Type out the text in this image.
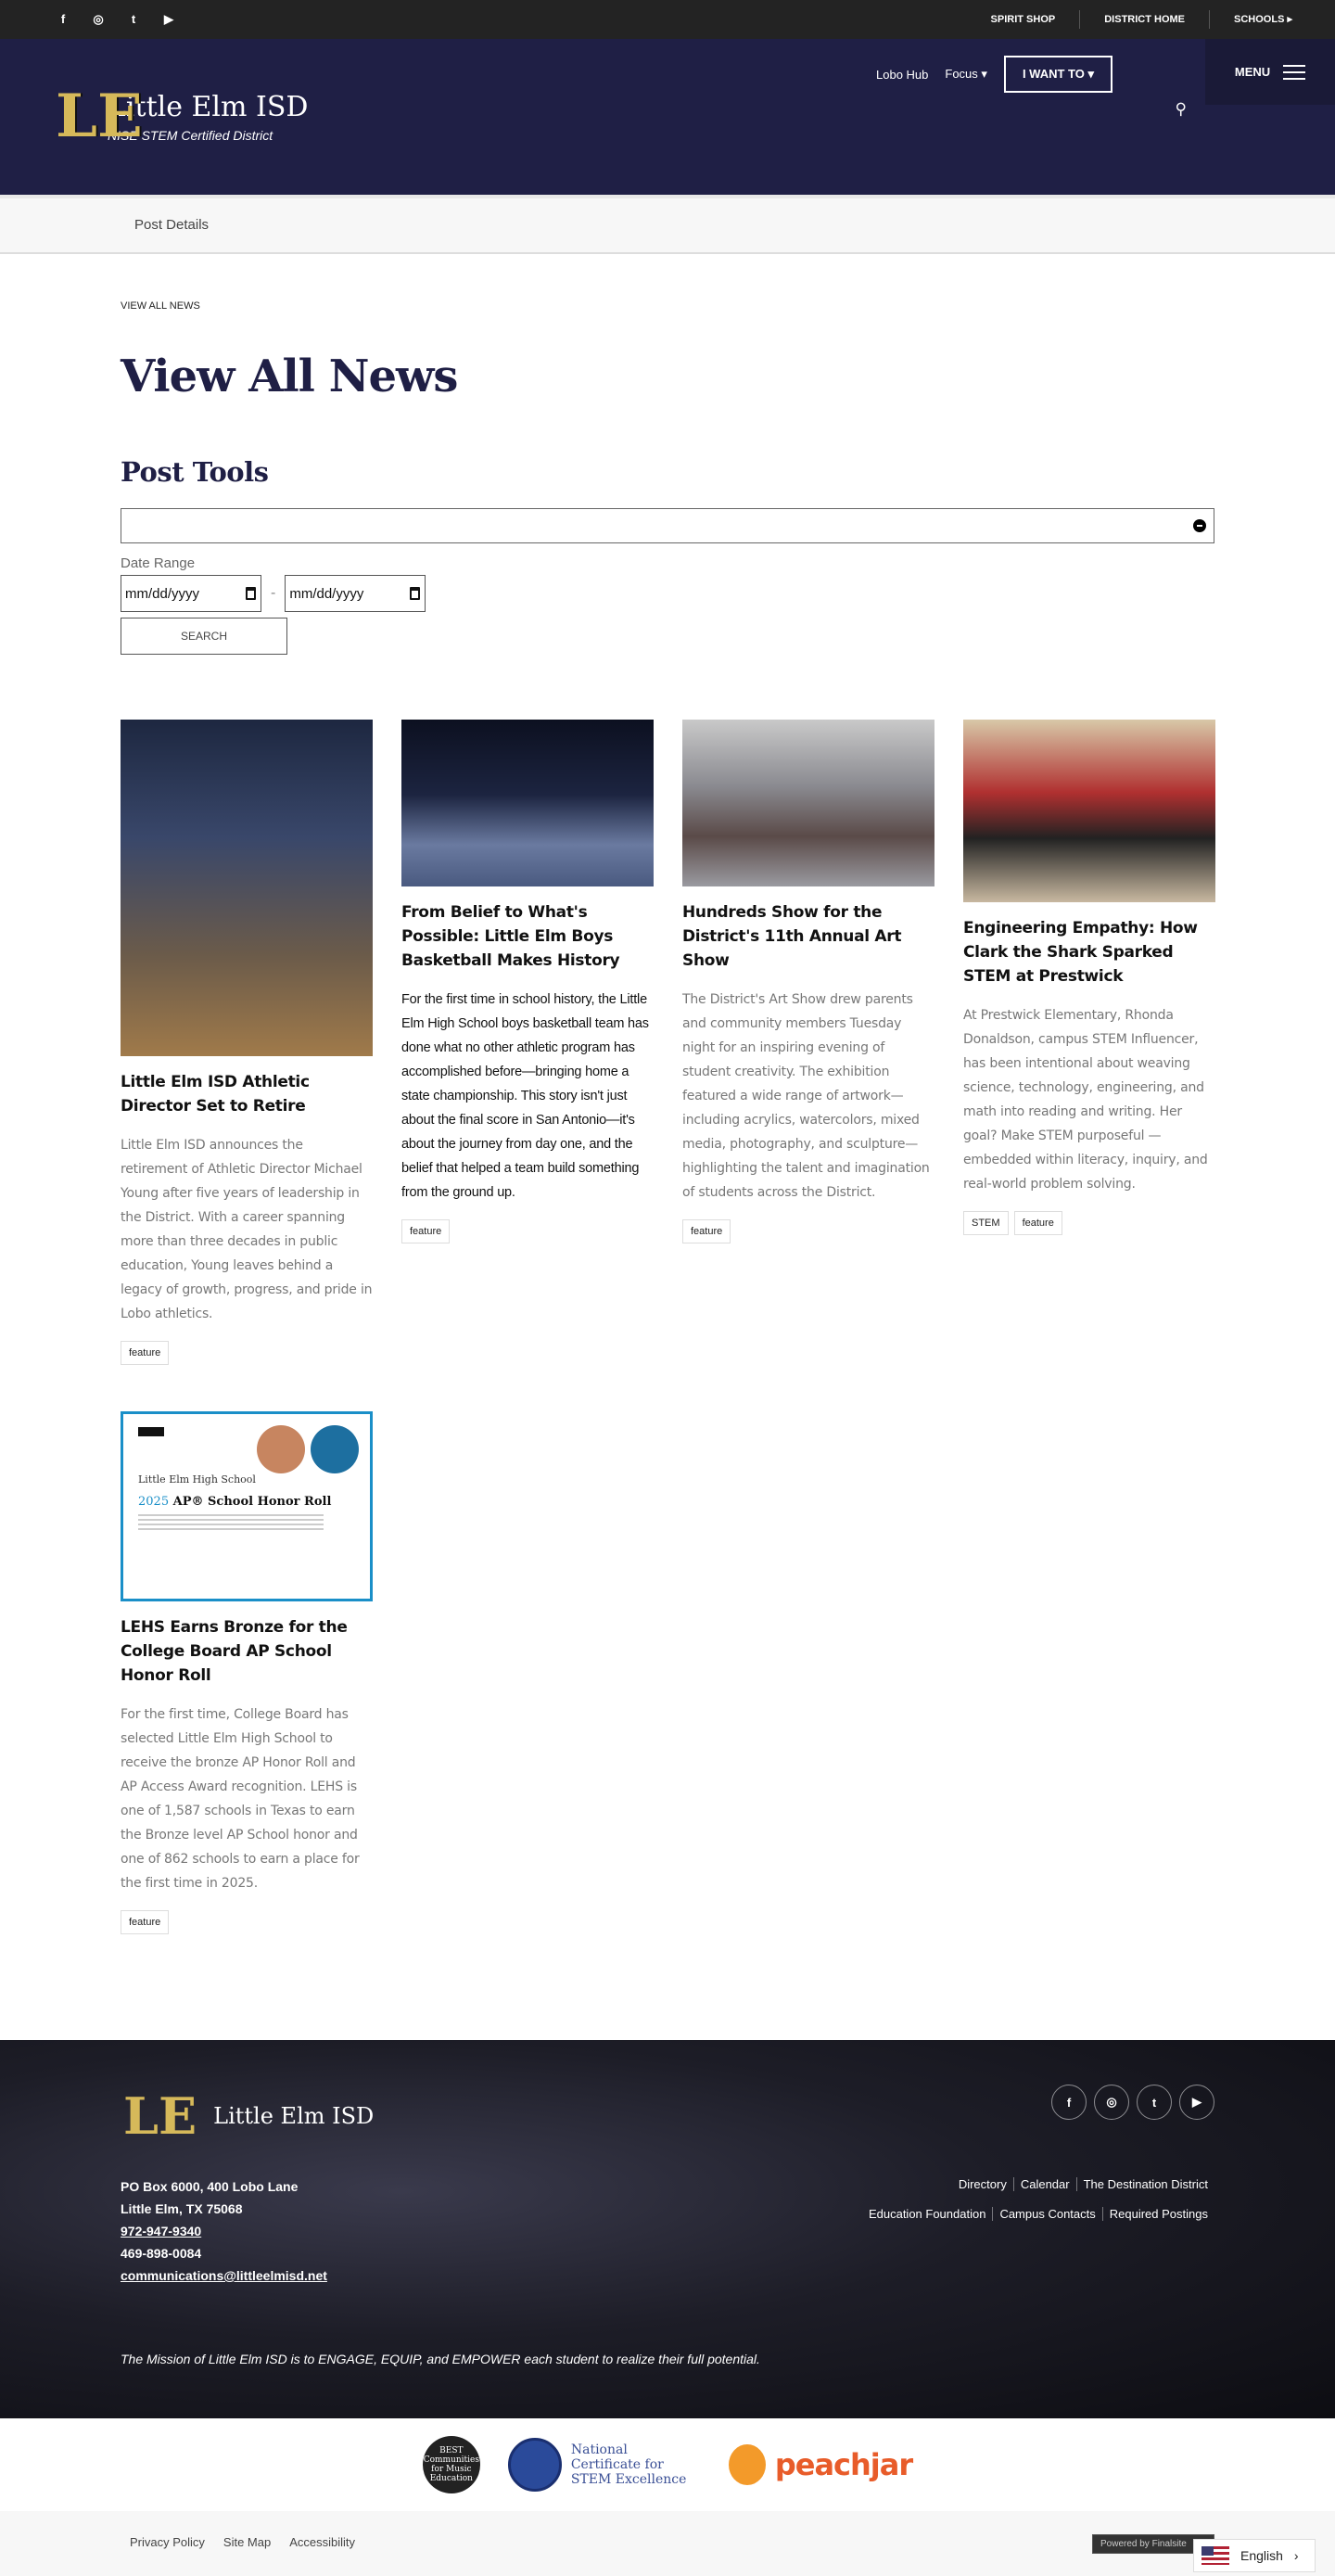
f	◎	t	▶	SPIRIT SHOP	DISTRICT HOME	SCHOOLS ▸
LE
Little Elm ISD
NISE STEM Certified District
Lobo Hub Focus ▾	I WANT TO ▾
⚲
MENU
Post Details
VIEW ALL NEWS
View All News
Post Tools
Date Range
mm/dd/yyyy	- mm/dd/yyyy
SEARCH
Little Elm ISD Athletic Director Set to Retire

Little Elm ISD announces the retirement of Athletic Director Michael Young after five years of leadership in the District. With a career spanning more than three decades in public education, Young leaves behind a legacy of growth, progress, and pride in Lobo athletics.

feature
From Belief to What's Possible: Little Elm Boys Basketball Makes History

For the first time in school history, the Little Elm High School boys basketball team has done what no other athletic program has accomplished before—bringing home a state championship. This story isn't just about the final score in San Antonio—it's about the journey from day one, and the belief that helped a team build something from the ground up.

feature
Hundreds Show for the District's 11th Annual Art Show

The District's Art Show drew parents and community members Tuesday night for an inspiring evening of student creativity. The exhibition featured a wide range of artwork—including acrylics, watercolors, mixed media, photography, and sculpture—highlighting the talent and imagination of students across the District.

feature
Engineering Empathy: How Clark the Shark Sparked STEM at Prestwick

At Prestwick Elementary, Rhonda Donaldson, campus STEM Influencer, has been intentional about weaving science, technology, engineering, and math into reading and writing. Her goal? Make STEM purposeful — embedded within literacy, inquiry, and real-world problem solving.

STEM	feature
Little Elm High School
2025 AP® School Honor Roll
LEHS Earns Bronze for the College Board AP School Honor Roll

For the first time, College Board has selected Little Elm High School to receive the bronze AP Honor Roll and AP Access Award recognition. LEHS is one of 1,587 schools in Texas to earn the Bronze level AP School honor and one of 862 schools to earn a place for the first time in 2025.

feature
LE Little Elm ISD
PO Box 6000, 400 Lobo Lane
Little Elm, TX 75068
972-947-9340
469-898-0084
communications@littleelmisd.net
f	◎	t	▶
Directory Calendar The Destination District
Education Foundation Campus Contacts Required Postings
The Mission of Little Elm ISD is to ENGAGE, EQUIP, and EMPOWER each student to realize their full potential.
BEST Communities for Music Education
National Certificate for STEM Excellence	peachjar
Privacy Policy Site Map Accessibility	Powered by Finalsite
English ›
